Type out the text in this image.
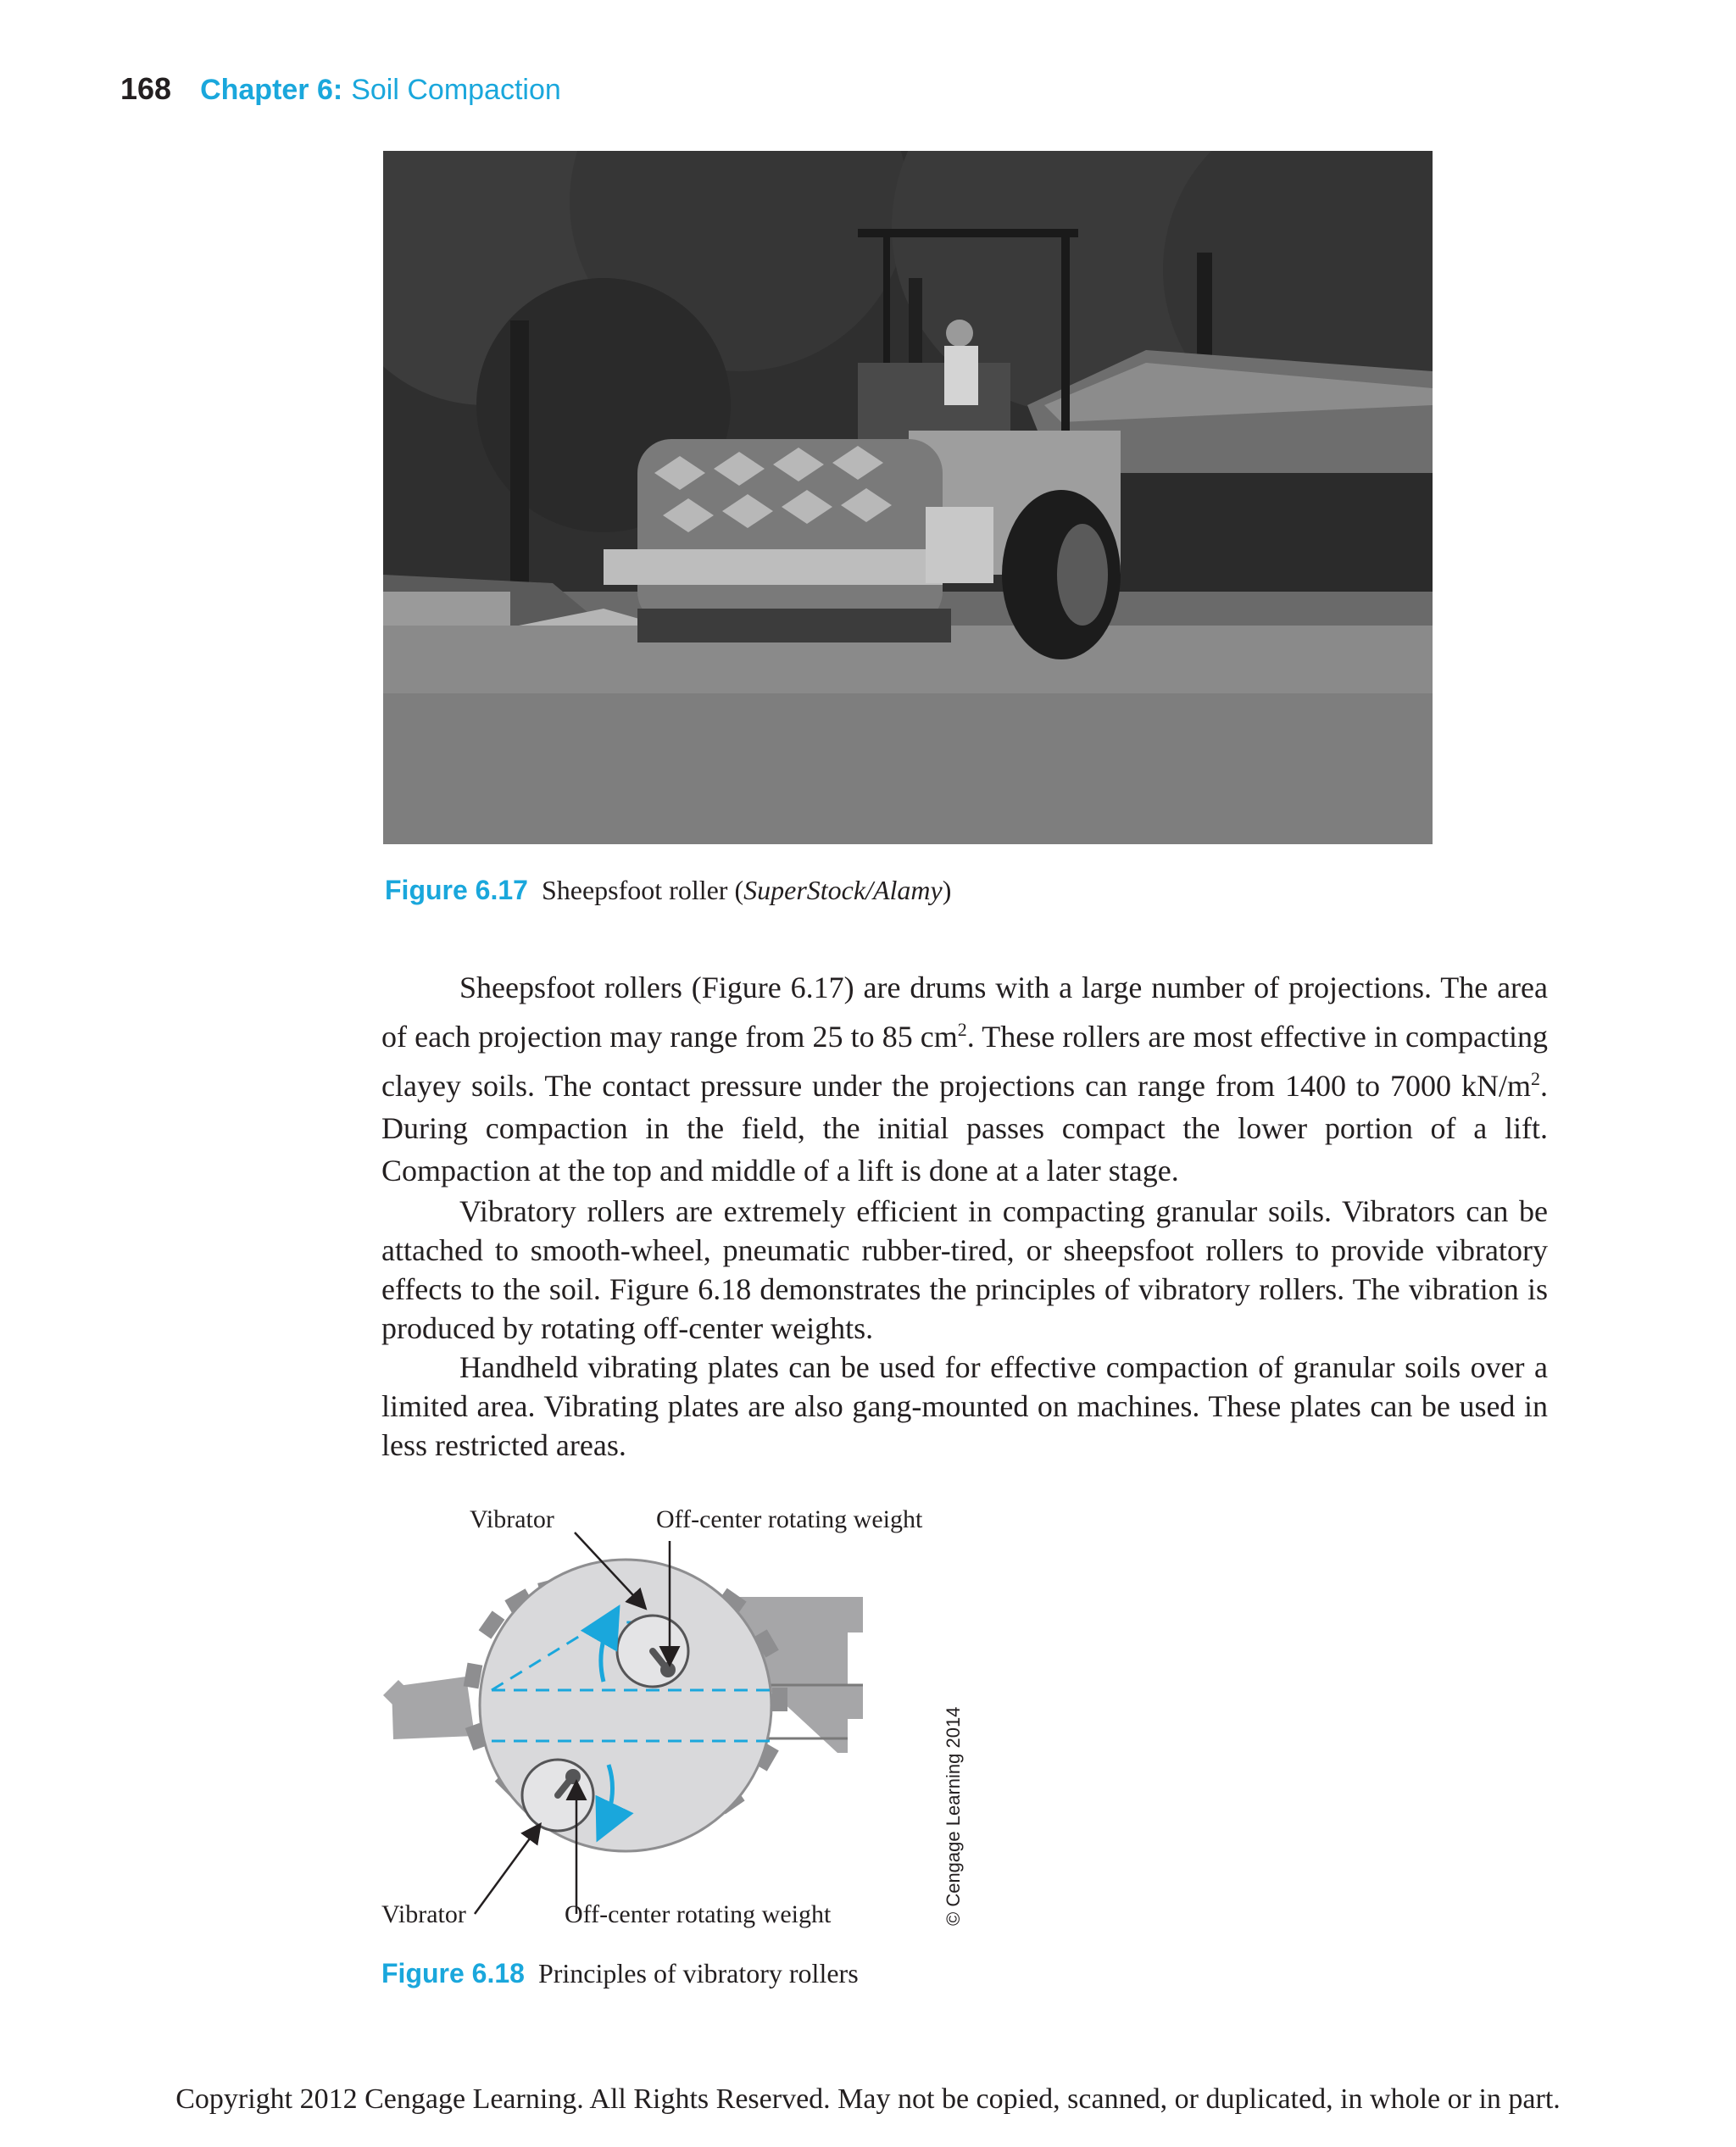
168 Chapter 6: Soil Compaction
Figure 6.17 Sheepsfoot roller (SuperStock/Alamy)

Sheepsfoot rollers (Figure 6.17) are drums with a large number of projections. The area of each projection may range from 25 to 85 $cm^2$. These rollers are most effective in compacting clayey soils. The contact pressure under the projections can range from 1400 to 7000 $kN/m^2$. During compaction in the field, the initial passes compact the lower portion of a lift. Compaction at the top and middle of a lift is done at a later stage.

Vibratory rollers are extremely efficient in compacting granular soils. Vibrators can be attached to smooth-wheel, pneumatic rubber-tired, or sheepsfoot rollers to provide vibratory effects to the soil. Figure 6.18 demonstrates the principles of vibratory rollers. The vibration is produced by rotating off-center weights.

Handheld vibrating plates can be used for effective compaction of granular soils over a limited area. Vibrating plates are also gang-mounted on machines. These plates can be used in less restricted areas.

Vibrator	Off-center rotating weight
Vibrator	Off-center rotating weight	© Cengage Learning 2014
Figure 6.18 Principles of vibratory rollers
Copyright 2012 Cengage Learning. All Rights Reserved. May not be copied, scanned, or duplicated, in whole or in part.
